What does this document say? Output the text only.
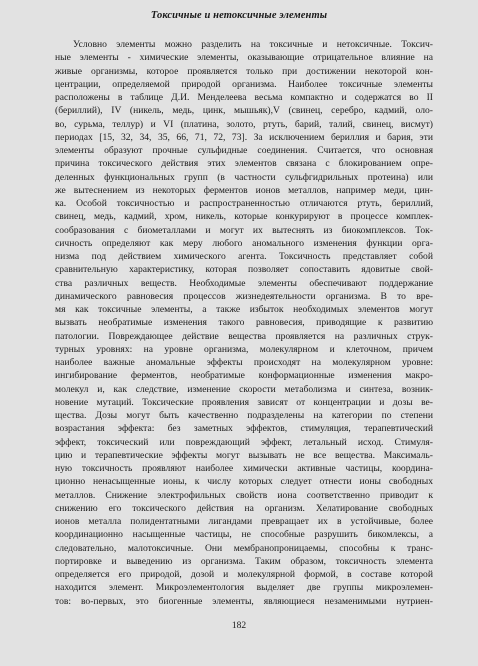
Токсичные и нетоксичные элементы
Условно элементы можно разделить на токсичные и нетоксичные. Токсич-
ные элементы - химические элементы, оказывающие отрицательное влияние на
живые организмы, которое проявляется только при достижении некоторой кон-
центрации, определяемой природой организма. Наиболее токсичные элементы
расположены в таблице Д.И. Менделеева весьма компактно и содержатся во II
(бериллий), IV (никель, медь, цинк, мышьяк),V (свинец, серебро, кадмий, оло-
во, сурьма, теллур) и VI (платина, золото, ртуть, барий, талий, свинец, висмут)
периодах [15, 32, 34, 35, 66, 71, 72, 73]. За исключением бериллия и бария, эти
элементы образуют прочные сульфидные соединения. Считается, что основная
причина токсического действия этих элементов связана с блокированием опре-
деленных функциональных групп (в частности сульфгидрильных протеина) или
же вытеснением из некоторых ферментов ионов металлов, например меди, цин-
ка. Особой токсичностью и распространенностью отличаются ртуть, бериллий,
свинец, медь, кадмий, хром, никель, которые конкурируют в процессе комплек-
сообразования с биометаллами и могут их вытеснять из биокомплексов. Ток-
сичность определяют как меру любого аномального изменения функции орга-
низма под действием химического агента. Токсичность представляет собой
сравнительную характеристику, которая позволяет сопоставить ядовитые свой-
ства различных веществ. Необходимые элементы обеспечивают поддержание
динамического равновесия процессов жизнедеятельности организма. В то вре-
мя как токсичные элементы, а также избыток необходимых элементов могут
вызвать необратимые изменения такого равновесия, приводящие к развитию
патологии. Повреждающее действие вещества проявляется на различных струк-
турных уровнях: на уровне организма, молекулярном и клеточном, причем
наиболее важные аномальные эффекты происходят на молекулярном уровне:
ингибирование ферментов, необратимые конформационные изменения макро-
молекул и, как следствие, изменение скорости метаболизма и синтеза, возник-
новение мутаций. Токсические проявления зависят от концентрации и дозы ве-
щества. Дозы могут быть качественно подразделены на категории по степени
возрастания эффекта: без заметных эффектов, стимуляция, терапевтический
эффект, токсический или повреждающий эффект, летальный исход. Стимуля-
цию и терапевтические эффекты могут вызывать не все вещества. Максималь-
ную токсичность проявляют наиболее химически активные частицы, координа-
ционно ненасыщенные ионы, к числу которых следует отнести ионы свободных
металлов. Снижение электрофильных свойств иона соответственно приводит к
снижению его токсического действия на организм. Хелатирование свободных
ионов металла полидентатными лигандами превращает их в устойчивые, более
координационно насыщенные частицы, не способные разрушить бикомлексы, а
следовательно, малотоксичные. Они мембранопроницаемы, способны к транс-
портировке и выведению из организма. Таким образом, токсичность элемента
определяется его природой, дозой и молекулярной формой, в составе которой
находится элемент. Микроэлементология выделяет две группы микроэлемен-
тов: во-первых, это биогенные элементы, являющиеся незаменимыми нутриен-
182
